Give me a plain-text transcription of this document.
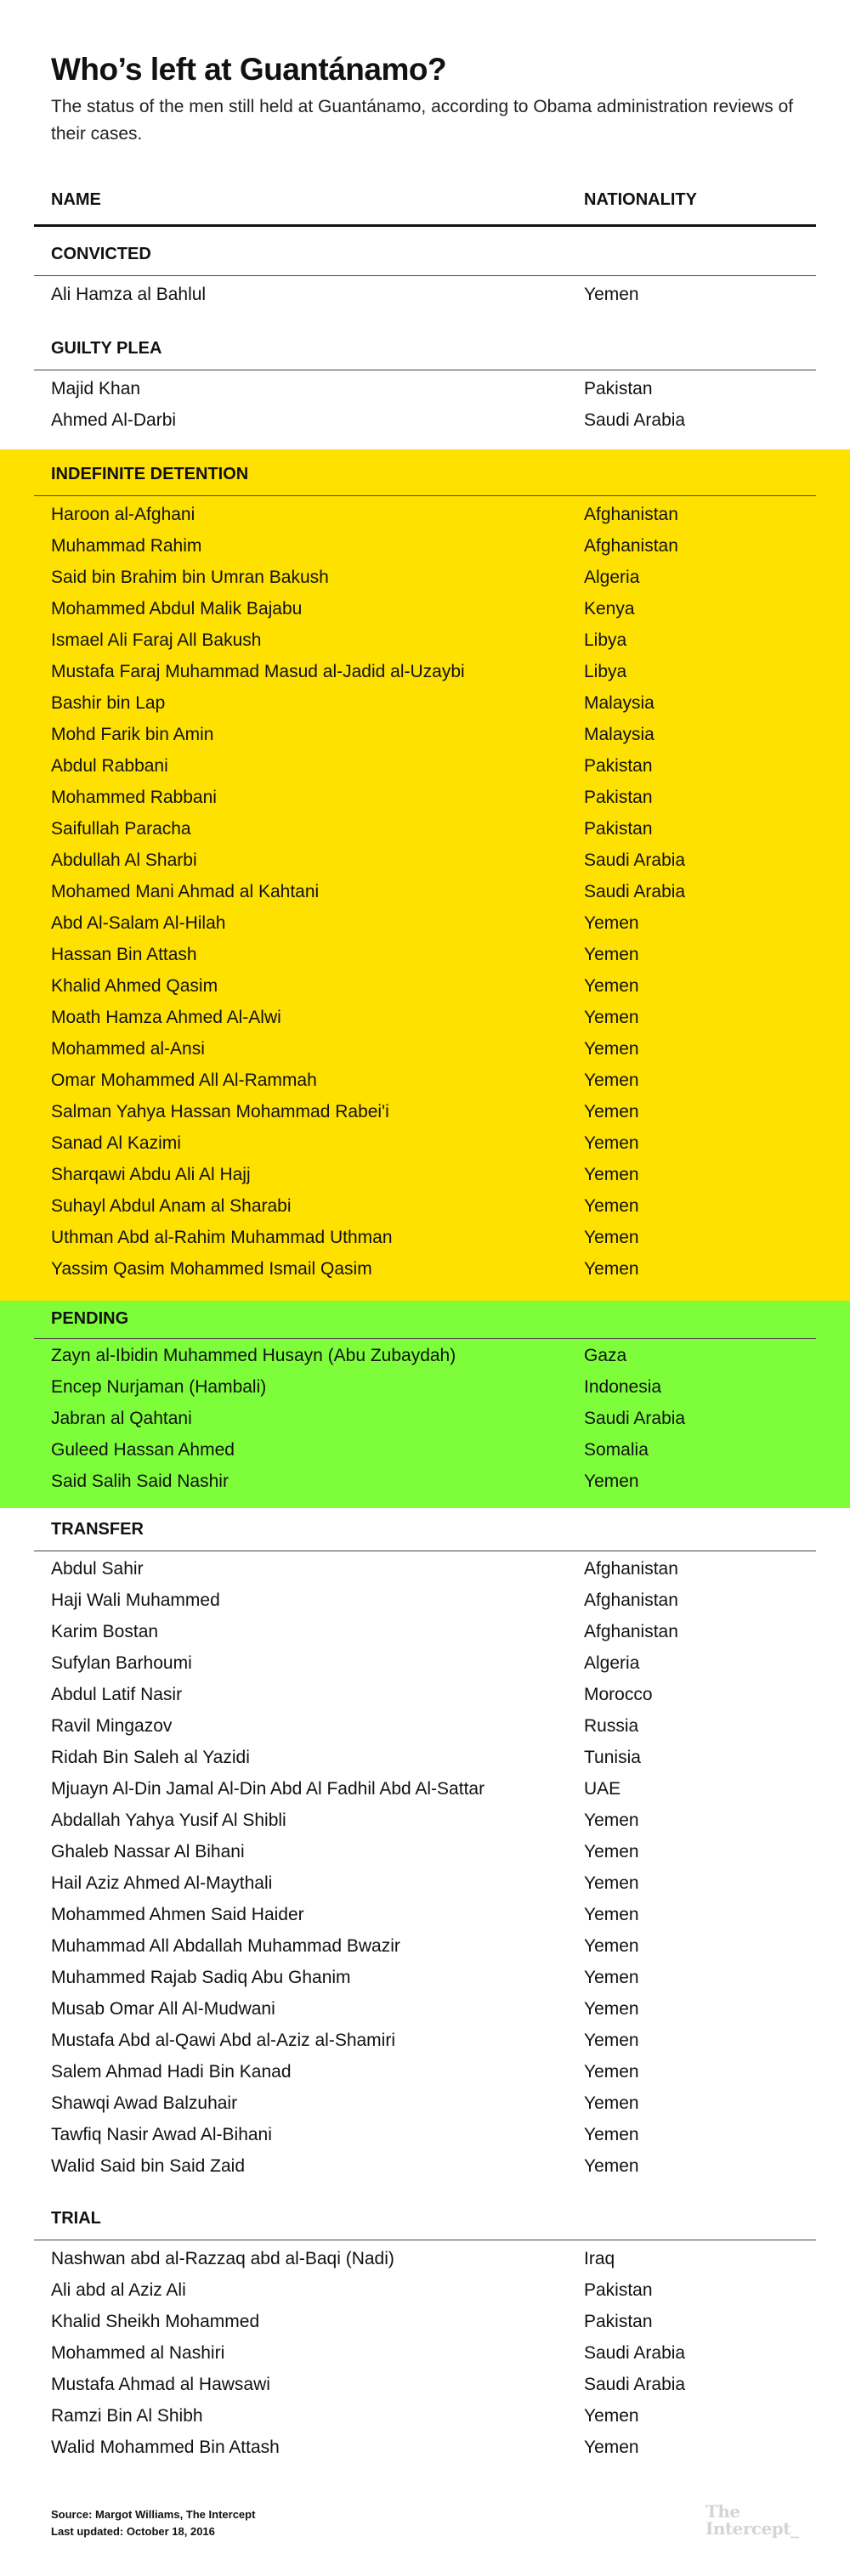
Who’s left at Guantánamo?
The status of the men still held at Guantánamo, according to Obama administration reviews of their cases.
NAME	NATIONALITY
CONVICTED
Ali Hamza al Bahlul	Yemen
GUILTY PLEA
Majid Khan	Pakistan
Ahmed Al-Darbi	Saudi Arabia
INDEFINITE DETENTION
Haroon al-Afghani	Afghanistan
Muhammad Rahim	Afghanistan
Said bin Brahim bin Umran Bakush	Algeria
Mohammed Abdul Malik Bajabu	Kenya
Ismael Ali Faraj All Bakush	Libya
Mustafa Faraj Muhammad Masud al-Jadid al-Uzaybi	Libya
Bashir bin Lap	Malaysia
Mohd Farik bin Amin	Malaysia
Abdul Rabbani	Pakistan
Mohammed Rabbani	Pakistan
Saifullah Paracha	Pakistan
Abdullah Al Sharbi	Saudi Arabia
Mohamed Mani Ahmad al Kahtani	Saudi Arabia
Abd Al-Salam Al-Hilah	Yemen
Hassan Bin Attash	Yemen
Khalid Ahmed Qasim	Yemen
Moath Hamza Ahmed Al-Alwi	Yemen
Mohammed al-Ansi	Yemen
Omar Mohammed All Al-Rammah	Yemen
Salman Yahya Hassan Mohammad Rabei'i	Yemen
Sanad Al Kazimi	Yemen
Sharqawi Abdu Ali Al Hajj	Yemen
Suhayl Abdul Anam al Sharabi	Yemen
Uthman Abd al-Rahim Muhammad Uthman	Yemen
Yassim Qasim Mohammed Ismail Qasim	Yemen
PENDING
Zayn al-Ibidin Muhammed Husayn (Abu Zubaydah)	Gaza
Encep Nurjaman (Hambali)	Indonesia
Jabran al Qahtani	Saudi Arabia
Guleed Hassan Ahmed	Somalia
Said Salih Said Nashir	Yemen
TRANSFER
Abdul Sahir	Afghanistan
Haji Wali Muhammed	Afghanistan
Karim Bostan	Afghanistan
Sufylan Barhoumi	Algeria
Abdul Latif Nasir	Morocco
Ravil Mingazov	Russia
Ridah Bin Saleh al Yazidi	Tunisia
Mjuayn Al-Din Jamal Al-Din Abd Al Fadhil Abd Al-Sattar	UAE
Abdallah Yahya Yusif Al Shibli	Yemen
Ghaleb Nassar Al Bihani	Yemen
Hail Aziz Ahmed Al-Maythali	Yemen
Mohammed Ahmen Said Haider	Yemen
Muhammad All Abdallah Muhammad Bwazir	Yemen
Muhammed Rajab Sadiq Abu Ghanim	Yemen
Musab Omar All Al-Mudwani	Yemen
Mustafa Abd al-Qawi Abd al-Aziz al-Shamiri	Yemen
Salem Ahmad Hadi Bin Kanad	Yemen
Shawqi Awad Balzuhair	Yemen
Tawfiq Nasir Awad Al-Bihani	Yemen
Walid Said bin Said Zaid	Yemen
TRIAL
Nashwan abd al-Razzaq abd al-Baqi (Nadi)	Iraq
Ali abd al Aziz Ali	Pakistan
Khalid Sheikh Mohammed	Pakistan
Mohammed al Nashiri	Saudi Arabia
Mustafa Ahmad al Hawsawi	Saudi Arabia
Ramzi Bin Al Shibh	Yemen
Walid Mohammed Bin Attash	Yemen
Source: Margot Williams, The Intercept
Last updated: October 18, 2016
The
Intercept_
